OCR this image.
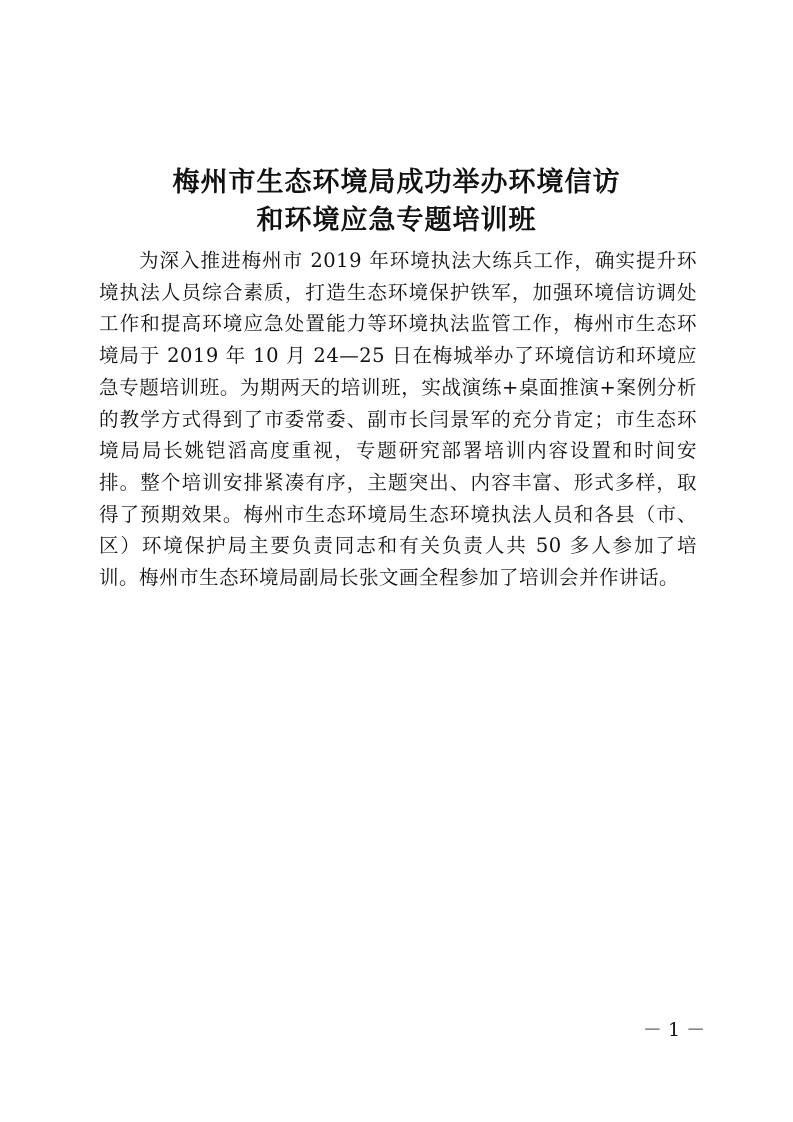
梅州市生态环境局成功举办环境信访
和环境应急专题培训班

为深入推进梅州市 2019 年环境执法大练兵工作，确实提升环境执法人员综合素质，打造生态环境保护铁军，加强环境信访调处工作和提高环境应急处置能力等环境执法监管工作，梅州市生态环境局于 2019 年 10 月 24—25 日在梅城举办了环境信访和环境应急专题培训班。为期两天的培训班，实战演练+桌面推演+案例分析的教学方式得到了市委常委、副市长闫景军的充分肯定；市生态环境局局长姚铠滔高度重视，专题研究部署培训内容设置和时间安排。整个培训安排紧凑有序，主题突出、内容丰富、形式多样，取得了预期效果。梅州市生态环境局生态环境执法人员和各县（市、区）环境保护局主要负责同志和有关负责人共 50 多人参加了培训。梅州市生态环境局副局长张文画全程参加了培训会并作讲话。

－ 1 －
